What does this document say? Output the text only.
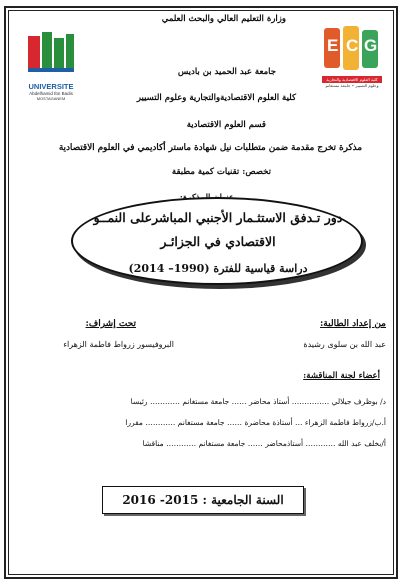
UNIVERSITE
Abdelhamid Ibn Badis
MOSTAGANEM
E C G
كلية العلوم الاقتصادية والتجارية
وعلوم التسيير • جامعة مستغانم
وزارة التعليم العالي والبحث العلمي
جامعة عبد الحميد بن باديس
كلية العلوم الاقتصاديةوالتجارية وعلوم التسيير
قسم العلوم الاقتصادية
مذكرة تخرج مقدمة ضمن متطلبات نيل شهادة ماستر أكاديمي في العلوم الاقتصادية
تخصص: تقنيات كمية مطبقة
دور تـدفق الاستثـمار الأجنبي المباشرعلى النمــو
الاقتصادي في الجزائـر
دراسة قياسية للفترة (1990– 2014)
من إعداد الطالبة:
عبد الله بن سلوى رشيدة
تحت إشراف:
البروفيسور زرواط فاطمة الزهراء
أعضاء لجنة المناقشة:
د/ بوظرف جيلالي …………… أستاذ محاضر …… جامعة مستغانم ………… رئيسا
أ.ب/زرواط فاطمة الزهراء … أستاذة محاضرة …… جامعة مستغانم ………… مقررا
أ/بخلف عبد الله ………… أستاذمحاضر …… جامعة مستغانم ………… مناقشا
السنة الجامعية : 2015- 2016
